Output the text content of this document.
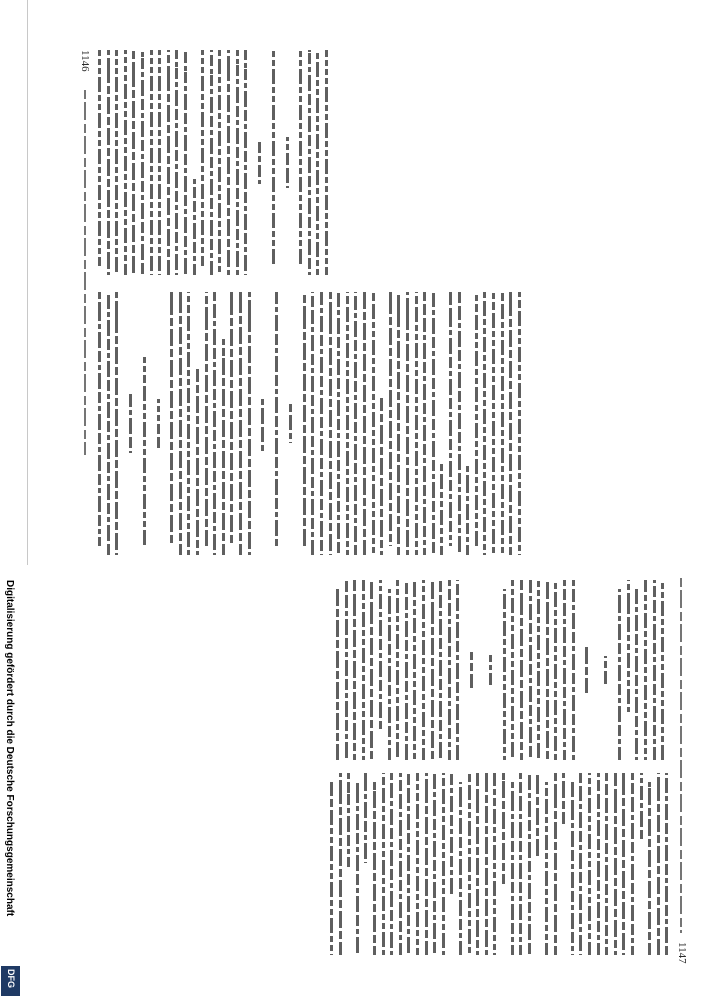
1146
1147
Digitalisierung gefördert durch die Deutsche Forschungsgemeinschaft
DFG
